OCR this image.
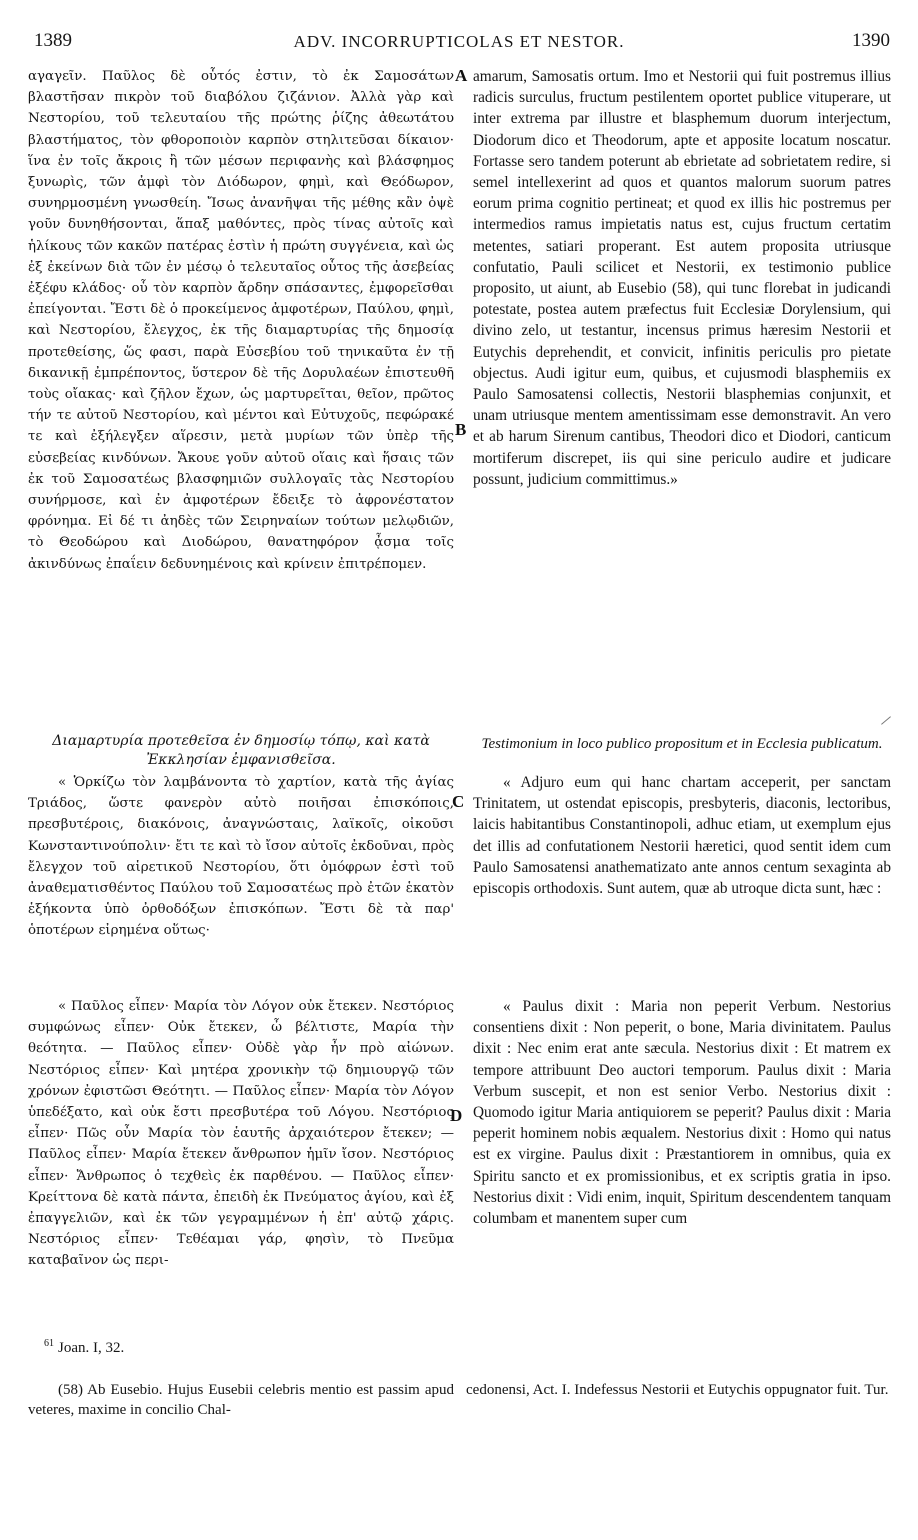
1389	ADV. INCORRUPTICOLAS ET NESTOR.	1390

αγαγεῖν. Παῦλος δὲ οὗτός ἐστιν, τὸ ἐκ Σαμοσάτων βλαστῆσαν πικρὸν τοῦ διαβόλου ζιζάνιον. Ἀλλὰ γὰρ καὶ Νεστορίου, τοῦ τελευταίου τῆς πρώτης ῥίζης ἀθεωτάτου βλαστήματος, τὸν φθοροποιὸν καρπὸν στηλιτεῦσαι δίκαιον· ἵνα ἐν τοῖς ἄκροις ἢ τῶν μέσων περιφανὴς καὶ βλάσφημος ξυνωρὶς, τῶν ἀμφὶ τὸν Διόδωρον, φημὶ, καὶ Θεόδωρον, συνηρμοσμένη γνωσθείη. Ἴσως ἀνανῆψαι τῆς μέθης κἂν ὀψὲ γοῦν δυνηθήσονται, ἅπαξ μαθόντες, πρὸς τίνας αὐτοῖς καὶ ἡλίκους τῶν κακῶν πατέρας ἐστὶν ἡ πρώτη συγγένεια, καὶ ὡς ἐξ ἐκείνων διὰ τῶν ἐν μέσῳ ὁ τελευταῖος οὗτος τῆς ἀσεβείας ἐξέφυ κλάδος· οὗ τὸν καρπὸν ἄρδην σπάσαντες, ἐμφορεῖσθαι ἐπείγονται. Ἔστι δὲ ὁ προκείμενος ἀμφοτέρων, Παύλου, φημὶ, καὶ Νεστορίου, ἔλεγχος, ἐκ τῆς διαμαρτυρίας τῆς δημοσίᾳ προτεθείσης, ὥς φασι, παρὰ Εὐσεβίου τοῦ τηνικαῦτα ἐν τῇ δικανικῇ ἐμπρέποντος, ὕστερον δὲ τῆς Δορυλαέων ἐπιστευθῆ τοὺς οἴακας· καὶ ζῆλον ἔχων, ὡς μαρτυρεῖται, θεῖον, πρῶτος τήν τε αὐτοῦ Νεστορίου, καὶ μέντοι καὶ Εὐτυχοῦς, πεφώρακέ τε καὶ ἐξήλεγξεν αἵρεσιν, μετὰ μυρίων τῶν ὑπὲρ τῆς εὐσεβείας κινδύνων. Ἄκουε γοῦν αὐτοῦ οἵαις καὶ ἥσαις τῶν ἐκ τοῦ Σαμοσατέως βλασφημιῶν συλλογαῖς τὰς Νεστορίου συνήρμοσε, καὶ ἐν ἀμφοτέρων ἔδειξε τὸ ἀφρονέστατον φρόνημα. Εἰ δέ τι ἀηδὲς τῶν Σειρηναίων τούτων μελῳδιῶν, τὸ Θεοδώρου καὶ Διοδώρου, θανατηφόρον ᾆσμα τοῖς ἀκινδύνως ἐπαΐειν δεδυνημένοις καὶ κρίνειν ἐπιτρέπομεν.

amarum, Samosatis ortum. Imo et Nestorii qui fuit postremus illius radicis surculus, fructum pestilentem oportet publice vituperare, ut inter extrema par illustre et blasphemum duorum interjectum, Diodorum dico et Theodorum, apte et apposite locatum noscatur. Fortasse sero tandem poterunt ab ebrietate ad sobrietatem redire, si semel intellexerint ad quos et quantos malorum suorum patres eorum prima cognitio pertineat; et quod ex illis hic postremus per intermedios ramus impietatis natus est, cujus fructum certatim metentes, satiari properant. Est autem proposita utriusque confutatio, Pauli scilicet et Nestorii, ex testimonio publice proposito, ut aiunt, ab Eusebio (58), qui tunc florebat in judicandi potestate, postea autem præfectus fuit Ecclesiæ Dorylensium, qui divino zelo, ut testantur, incensus primus hæresim Nestorii et Eutychis deprehendit, et convicit, infinitis periculis pro pietate objectus. Audi igitur eum, quibus, et cujusmodi blasphemiis ex Paulo Samosatensi collectis, Nestorii blasphemias conjunxit, et unam utriusque mentem amentissimam esse demonstravit. An vero et ab harum Sirenum cantibus, Theodori dico et Diodori, canticum mortiferum discrepet, iis qui sine periculo audire et judicare possunt, judicium committimus.»

A
B
C
D
Διαμαρτυρία προτεθεῖσα ἐν δημοσίῳ τόπῳ, καὶ κατὰ Ἐκκλησίαν ἐμφανισθεῖσα.
Testimonium in loco publico propositum et in Ecclesia publicatum.

« Ὁρκίζω τὸν λαμβάνοντα τὸ χαρτίον, κατὰ τῆς ἁγίας Τριάδος, ὥστε φανερὸν αὐτὸ ποιῆσαι ἐπισκόποις, πρεσβυτέροις, διακόνοις, ἀναγνώσταις, λαϊκοῖς, οἰκοῦσι Κωνσταντινούπολιν· ἔτι τε καὶ τὸ ἴσον αὐτοῖς ἐκδοῦναι, πρὸς ἔλεγχον τοῦ αἱρετικοῦ Νεστορίου, ὅτι ὁμόφρων ἐστὶ τοῦ ἀναθεματισθέντος Παύλου τοῦ Σαμοσατέως πρὸ ἐτῶν ἑκατὸν ἑξήκοντα ὑπὸ ὀρθοδόξων ἐπισκόπων. Ἔστι δὲ τὰ παρ' ὁποτέρων εἰρημένα οὕτως·

« Adjuro eum qui hanc chartam acceperit, per sanctam Trinitatem, ut ostendat episcopis, presbyteris, diaconis, lectoribus, laicis habitantibus Constantinopoli, adhuc etiam, ut exemplum ejus det illis ad confutationem Nestorii hæretici, quod sentit idem cum Paulo Samosatensi anathematizato ante annos centum sexaginta ab episcopis orthodoxis. Sunt autem, quæ ab utroque dicta sunt, hæc :

« Παῦλος εἶπεν· Μαρία τὸν Λόγον οὐκ ἔτεκεν. Νεστόριος συμφώνως εἶπεν· Οὐκ ἔτεκεν, ὦ βέλτιστε, Μαρία τὴν θεότητα. — Παῦλος εἶπεν· Οὐδὲ γὰρ ἦν πρὸ αἰώνων. Νεστόριος εἶπεν· Καὶ μητέρα χρονικὴν τῷ δημιουργῷ τῶν χρόνων ἐφιστῶσι Θεότητι. — Παῦλος εἶπεν· Μαρία τὸν Λόγον ὑπεδέξατο, καὶ οὐκ ἔστι πρεσβυτέρα τοῦ Λόγου. Νεστόριος εἶπεν· Πῶς οὖν Μαρία τὸν ἑαυτῆς ἀρχαιότερον ἔτεκεν; — Παῦλος εἶπεν· Μαρία ἔτεκεν ἄνθρωπον ἡμῖν ἴσον. Νεστόριος εἶπεν· Ἄνθρωπος ὁ τεχθεὶς ἐκ παρθένου. — Παῦλος εἶπεν· Κρείττονα δὲ κατὰ πάντα, ἐπειδὴ ἐκ Πνεύματος ἁγίου, καὶ ἐξ ἐπαγγελιῶν, καὶ ἐκ τῶν γεγραμμένων ἡ ἐπ' αὐτῷ χάρις. Νεστόριος εἶπεν· Τεθέαμαι γάρ, φησὶν, τὸ Πνεῦμα καταβαῖνον ὡς περι-

« Paulus dixit : Maria non peperit Verbum. Nestorius consentiens dixit : Non peperit, o bone, Maria divinitatem. Paulus dixit : Nec enim erat ante sæcula. Nestorius dixit : Et matrem ex tempore attribuunt Deo auctori temporum. Paulus dixit : Maria Verbum suscepit, et non est senior Verbo. Nestorius dixit : Quomodo igitur Maria antiquiorem se peperit? Paulus dixit : Maria peperit hominem nobis æqualem. Nestorius dixit : Homo qui natus est ex virgine. Paulus dixit : Præstantiorem in omnibus, quia ex Spiritu sancto et ex promissionibus, et ex scriptis gratia in ipso. Nestorius dixit : Vidi enim, inquit, Spiritum descendentem tanquam columbam et manentem super cum

$^{61}$ Joan. I, 32.
(58) Ab Eusebio. Hujus Eusebii celebris mentio est passim apud veteres, maxime in concilio Chal-
cedonensi, Act. I. Indefessus Nestorii et Eutychis oppugnator fuit. Tur.
